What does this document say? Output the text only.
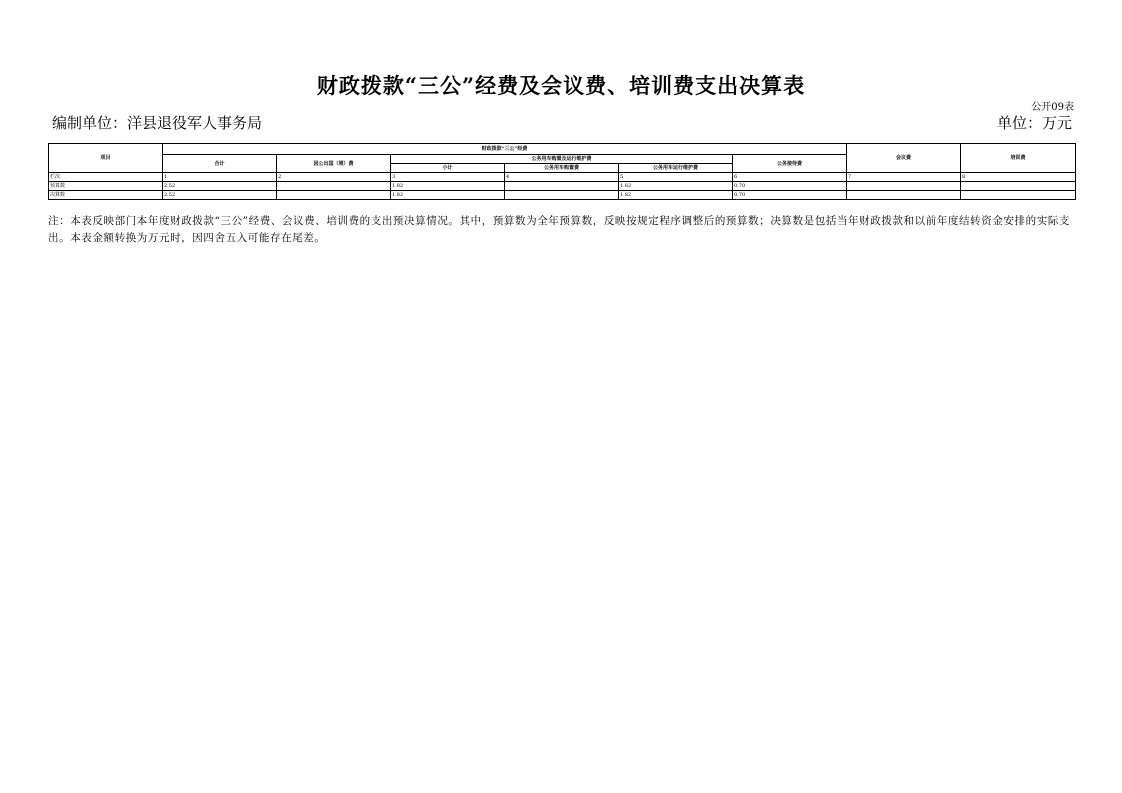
财政拨款“三公”经费及会议费、培训费支出决算表
公开09表
编制单位：洋县退役军人事务局	单位：万元
项目	财政拨款“三公”经费						会议费	培训费
	合计	因公出国（境）费	公务用车购置及运行维护费			公务接待费		
			小计	公务用车购置费	公务用车运行维护费			
栏次	1	2	3	4	5	6	7	8
预算数	2.52		1.82		1.82	0.70		
决算数	2.52		1.82		1.82	0.70		
注：本表反映部门本年度财政拨款“三公”经费、会议费、培训费的支出预决算情况。其中，预算数为全年预算数，反映按规定程序调整后的预算数；决算数是包括当年财政拨款和以前年度结转资金安排的实际支出。本表金额转换为万元时，因四舍五入可能存在尾差。
